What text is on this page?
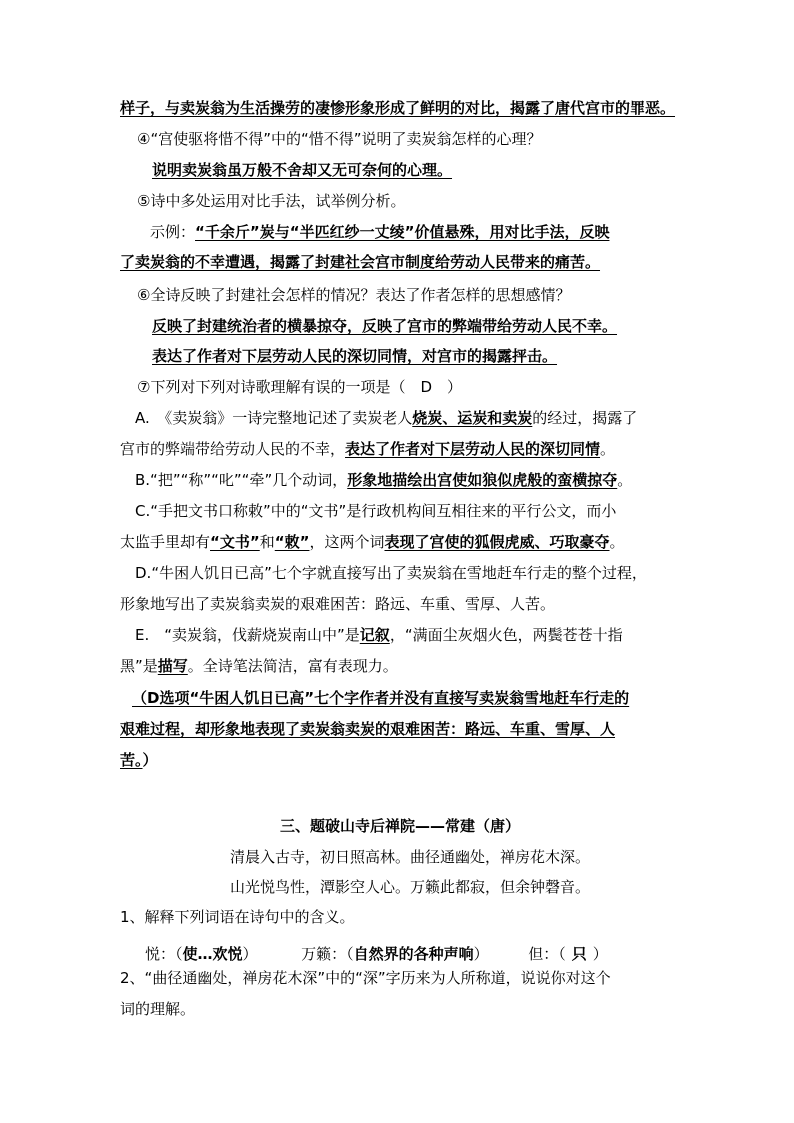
样子，与卖炭翁为生活操劳的凄惨形象形成了鲜明的对比，揭露了唐代宫市的罪恶。
④“宫使驱将惜不得”中的“惜不得”说明了卖炭翁怎样的心理？
说明卖炭翁虽万般不舍却又无可奈何的心理。
⑤诗中多处运用对比手法，试举例分析。
示例：“千余斤”炭与“半匹红纱一丈绫”价值悬殊，用对比手法，反映
了卖炭翁的不幸遭遇，揭露了封建社会宫市制度给劳动人民带来的痛苦。
⑥全诗反映了封建社会怎样的情况？表达了作者怎样的思想感情？
反映了封建统治者的横暴掠夺，反映了宫市的弊端带给劳动人民不幸。
表达了作者对下层劳动人民的深切同情，对宫市的揭露抨击。
⑦下列对下列对诗歌理解有误的一项是（　D　）
A.　《卖炭翁》一诗完整地记述了卖炭老人烧炭、运炭和卖炭的经过，揭露了
宫市的弊端带给劳动人民的不幸，表达了作者对下层劳动人民的深切同情。
B.“把”“称”“叱”“牵”几个动词，形象地描绘出宫使如狼似虎般的蛮横掠夺。
C.“手把文书口称敕”中的“文书”是行政机构间互相往来的平行公文，而小
太监手里却有“文书”和“敕”，这两个词表现了宫使的狐假虎威、巧取豪夺。
D.“牛困人饥日已高”七个字就直接写出了卖炭翁在雪地赶车行走的整个过程，
形象地写出了卖炭翁卖炭的艰难困苦：路远、车重、雪厚、人苦。
E.　“卖炭翁，伐薪烧炭南山中”是记叙，“满面尘灰烟火色，两鬓苍苍十指
黑”是描写。全诗笔法简洁，富有表现力。
（D选项“牛困人饥日已高”七个字作者并没有直接写卖炭翁雪地赶车行走的
艰难过程，却形象地表现了卖炭翁卖炭的艰难困苦：路远、车重、雪厚、人
苦。）
三、题破山寺后禅院——常建（唐）
清晨入古寺，初日照高林。曲径通幽处，禅房花木深。
山光悦鸟性，潭影空人心。万籁此都寂，但余钟磬音。
1、解释下列词语在诗句中的含义。
悦：（使…欢悦）	万籁：（自然界的各种声响）	但：（ 只 ）
2、“曲径通幽处，禅房花木深”中的“深”字历来为人所称道，说说你对这个
词的理解。
